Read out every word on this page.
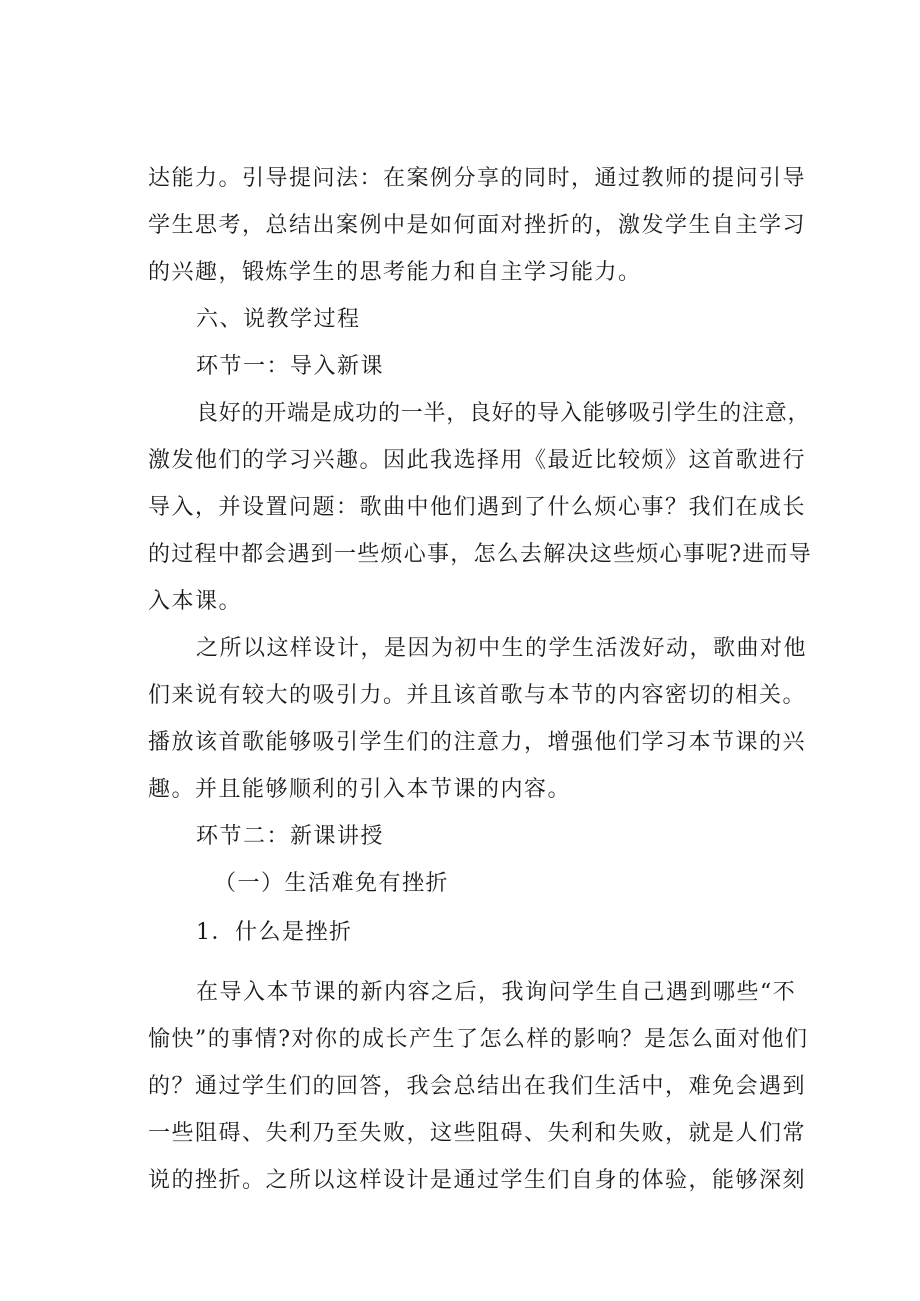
达能力。引导提问法：在案例分享的同时，通过教师的提问引导
学生思考，总结出案例中是如何面对挫折的，激发学生自主学习
的兴趣，锻炼学生的思考能力和自主学习能力。
六、说教学过程
环节一：导入新课
良好的开端是成功的一半，良好的导入能够吸引学生的注意，
激发他们的学习兴趣。因此我选择用《最近比较烦》这首歌进行
导入，并设置问题：歌曲中他们遇到了什么烦心事？我们在成长
的过程中都会遇到一些烦心事，怎么去解决这些烦心事呢?进而导
入本课。
之所以这样设计，是因为初中生的学生活泼好动，歌曲对他
们来说有较大的吸引力。并且该首歌与本节的内容密切的相关。
播放该首歌能够吸引学生们的注意力，增强他们学习本节课的兴
趣。并且能够顺利的引入本节课的内容。
环节二：新课讲授
（一）生活难免有挫折
1．什么是挫折
在导入本节课的新内容之后，我询问学生自己遇到哪些“不
愉快”的事情?对你的成长产生了怎么样的影响？是怎么面对他们
的？通过学生们的回答，我会总结出在我们生活中，难免会遇到
一些阻碍、失利乃至失败，这些阻碍、失利和失败，就是人们常
说的挫折。之所以这样设计是通过学生们自身的体验，能够深刻
